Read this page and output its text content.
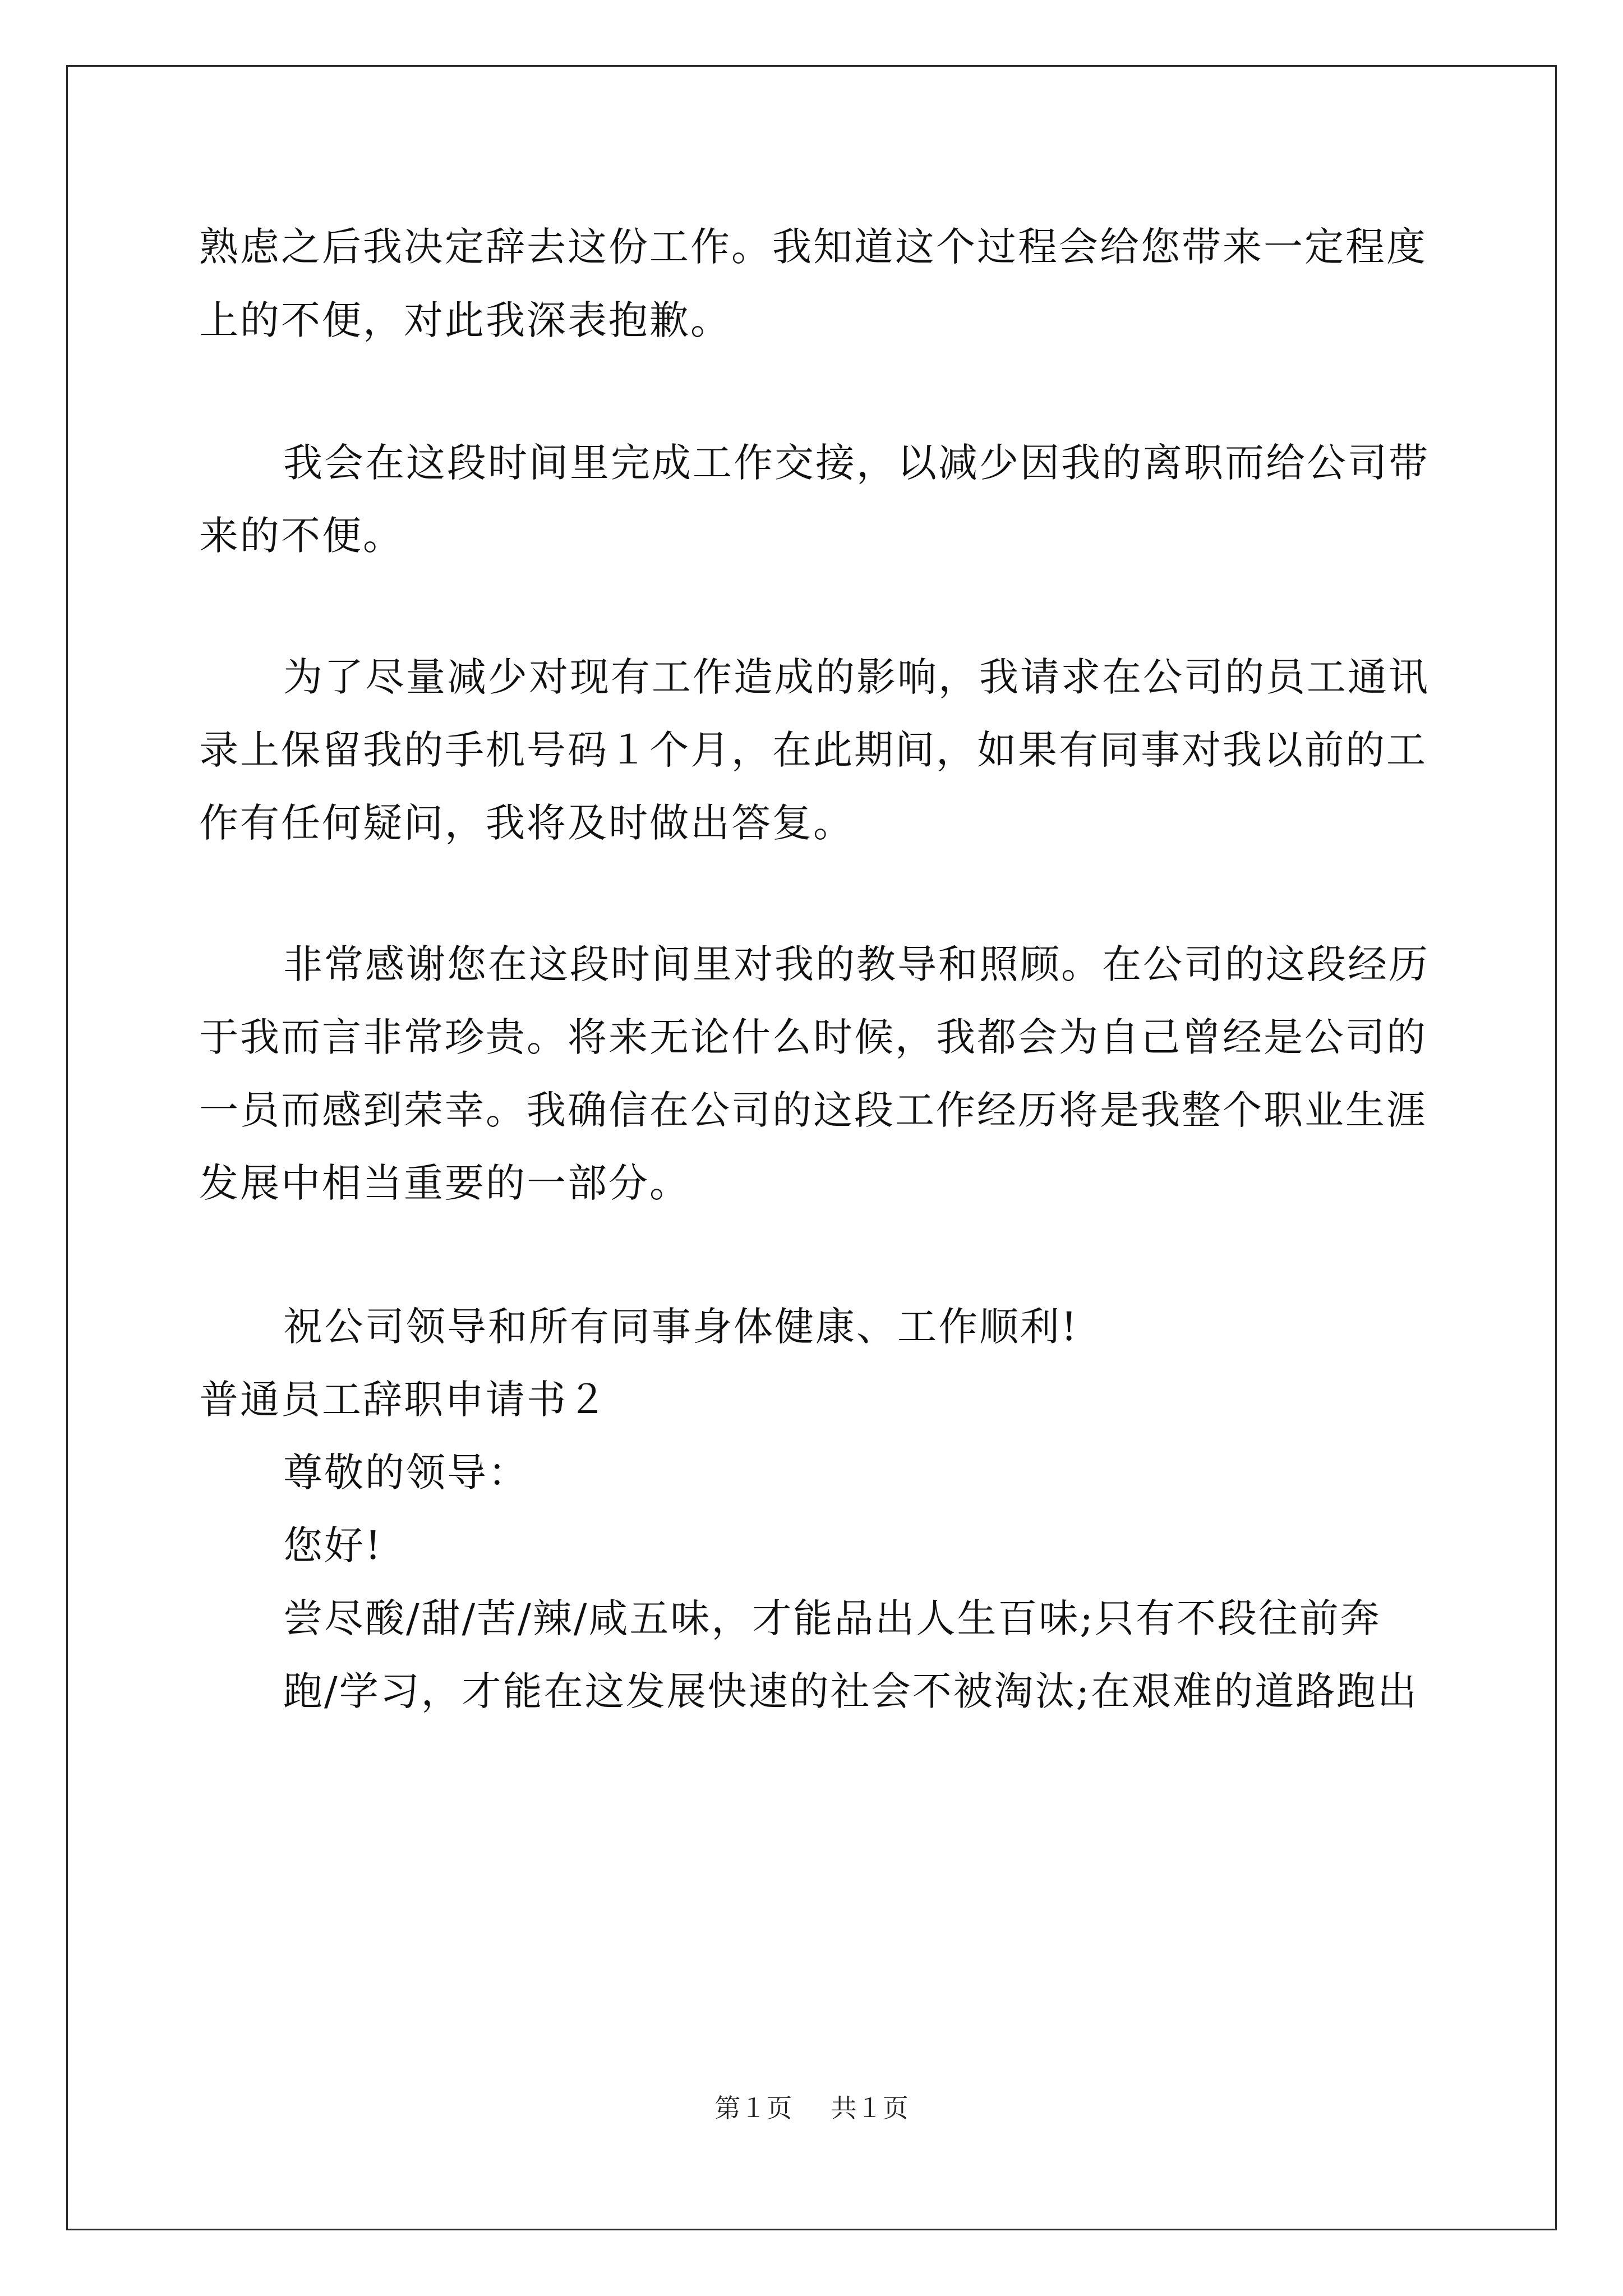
熟虑之后我决定辞去这份工作。我知道这个过程会给您带来一定程度
上的不便，对此我深表抱歉。
我会在这段时间里完成工作交接，以减少因我的离职而给公司带
来的不便。
为了尽量减少对现有工作造成的影响，我请求在公司的员工通讯
录上保留我的手机号码１个月，在此期间，如果有同事对我以前的工
作有任何疑问，我将及时做出答复。
非常感谢您在这段时间里对我的教导和照顾。在公司的这段经历
于我而言非常珍贵。将来无论什么时候，我都会为自己曾经是公司的
一员而感到荣幸。我确信在公司的这段工作经历将是我整个职业生涯
发展中相当重要的一部分。
祝公司领导和所有同事身体健康、工作顺利!
普通员工辞职申请书２
尊敬的领导：
您好!
尝尽酸/甜/苦/辣/咸五味，才能品出人生百味;只有不段往前奔
跑/学习，才能在这发展快速的社会不被淘汰;在艰难的道路跑出
第１页 共１页
